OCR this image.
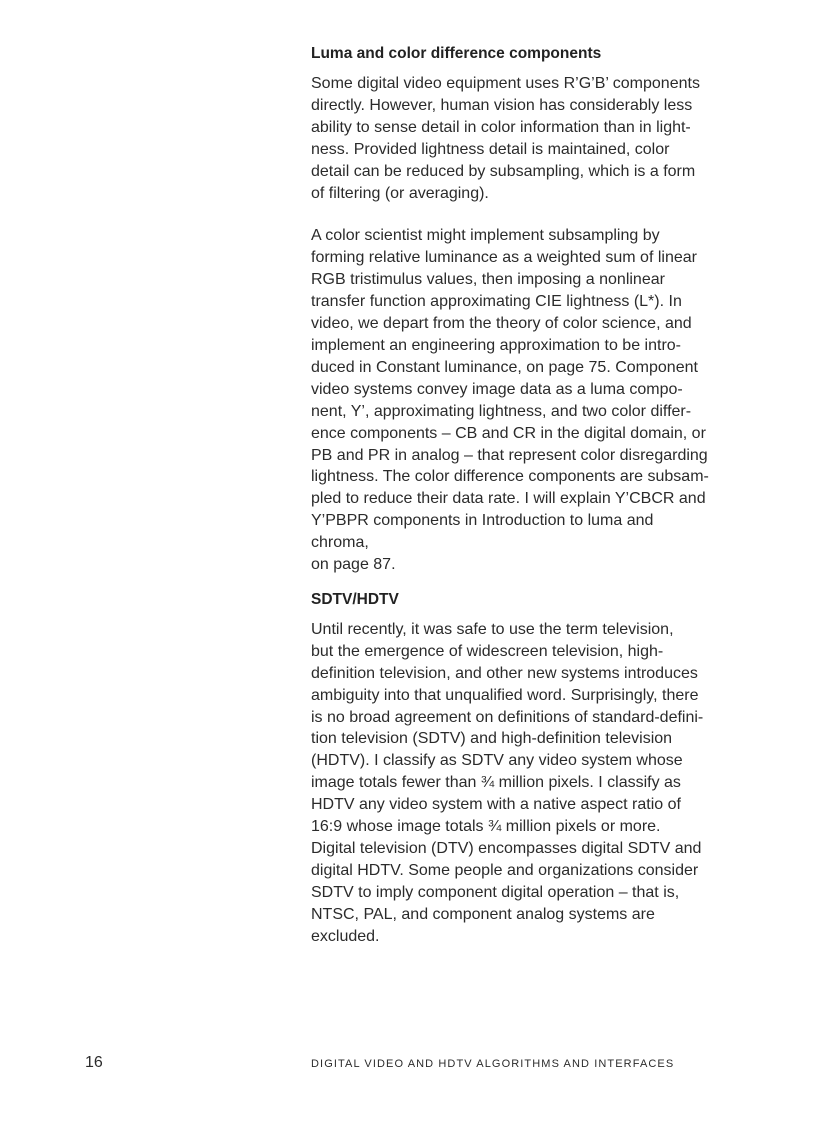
Luma and color difference components

Some digital video equipment uses R’G’B’ components
directly. However, human vision has considerably less
ability to sense detail in color information than in light-
ness. Provided lightness detail is maintained, color
detail can be reduced by subsampling, which is a form
of filtering (or averaging).

A color scientist might implement subsampling by
forming relative luminance as a weighted sum of linear
RGB tristimulus values, then imposing a nonlinear
transfer function approximating CIE lightness (L*). In
video, we depart from the theory of color science, and
implement an engineering approximation to be intro-
duced in Constant luminance, on page 75. Component
video systems convey image data as a luma compo-
nent, Y’, approximating lightness, and two color differ-
ence components – CB and CR in the digital domain, or
PB and PR in analog – that represent color disregarding
lightness. The color difference components are subsam-
pled to reduce their data rate. I will explain Y’CBCR and
Y’PBPR components in Introduction to luma and chroma,
on page 87.

SDTV/HDTV

Until recently, it was safe to use the term television,
but the emergence of widescreen television, high-
definition television, and other new systems introduces
ambiguity into that unqualified word. Surprisingly, there
is no broad agreement on definitions of standard-defini-
tion television (SDTV) and high-definition television
(HDTV). I classify as SDTV any video system whose
image totals fewer than ¾ million pixels. I classify as
HDTV any video system with a native aspect ratio of
16:9 whose image totals ¾ million pixels or more.
Digital television (DTV) encompasses digital SDTV and
digital HDTV. Some people and organizations consider
SDTV to imply component digital operation – that is,
NTSC, PAL, and component analog systems are
excluded.

16	DIGITAL VIDEO AND HDTV ALGORITHMS AND INTERFACES
